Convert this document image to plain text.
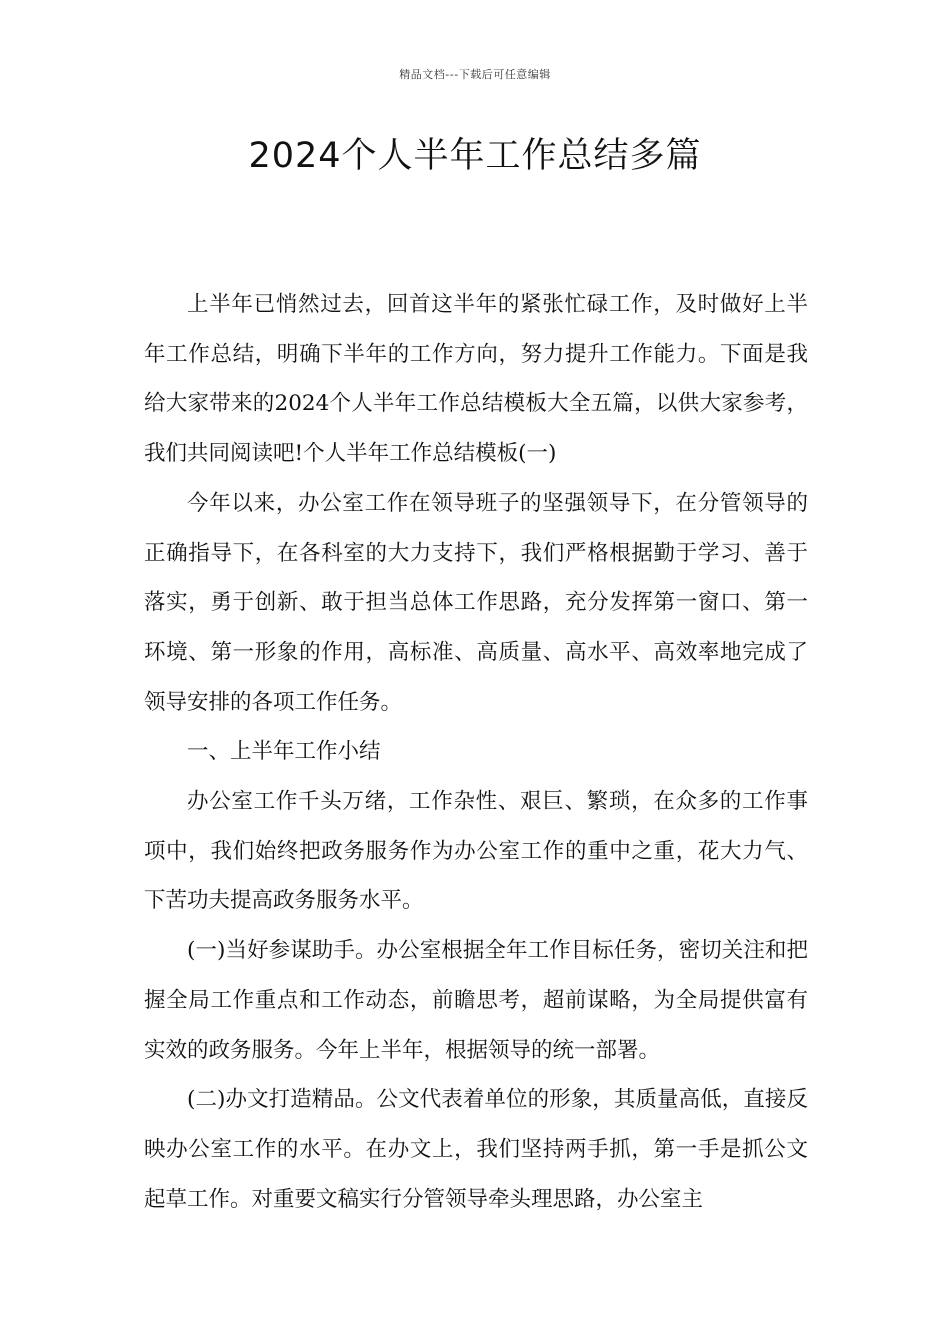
精品文档---下载后可任意编辑
2024个人半年工作总结多篇

上半年已悄然过去，回首这半年的紧张忙碌工作，及时做好上半年工作总结，明确下半年的工作方向，努力提升工作能力。下面是我给大家带来的2024个人半年工作总结模板大全五篇，以供大家参考，我们共同阅读吧!个人半年工作总结模板(一)

今年以来，办公室工作在领导班子的坚强领导下，在分管领导的正确指导下，在各科室的大力支持下，我们严格根据勤于学习、善于落实，勇于创新、敢于担当总体工作思路，充分发挥第一窗口、第一环境、第一形象的作用，高标准、高质量、高水平、高效率地完成了领导安排的各项工作任务。

一、上半年工作小结

办公室工作千头万绪，工作杂性、艰巨、繁琐，在众多的工作事项中，我们始终把政务服务作为办公室工作的重中之重，花大力气、下苦功夫提高政务服务水平。

(一)当好参谋助手。办公室根据全年工作目标任务，密切关注和把握全局工作重点和工作动态，前瞻思考，超前谋略，为全局提供富有实效的政务服务。今年上半年，根据领导的统一部署。

(二)办文打造精品。公文代表着单位的形象，其质量高低，直接反映办公室工作的水平。在办文上，我们坚持两手抓，第一手是抓公文起草工作。对重要文稿实行分管领导牵头理思路，办公室主
